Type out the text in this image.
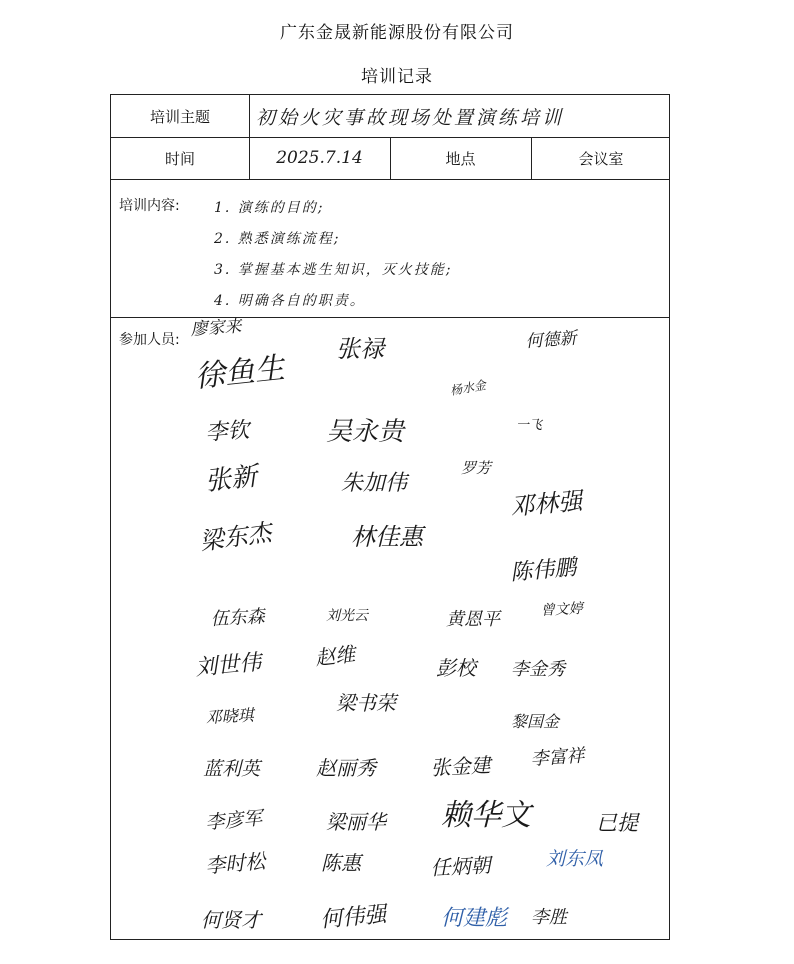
广东金晟新能源股份有限公司
培训记录
培训主题	初始火灾事故现场处置演练培训
时间	2025.7.14	地点	会议室
培训内容: 1. 演练的目的;
2. 熟悉演练流程;
3. 掌握基本逃生知识，灭火技能;
4. 明确各自的职责。
参加人员:
廖家来
张禄	何德新
徐鱼生	杨水金
李钦	吴永贵	一飞
张新	朱加伟
罗芳
邓林强
梁东杰	林佳惠
陈伟鹏
伍东森	刘光云	黄恩平	曾文婷
刘世伟	赵维	彭校 李金秀
邓晓琪
梁书荣
黎国金
蓝利英	赵丽秀	张金建 李富祥
李彦军	梁丽华 赖华文	已提
李时松	陈惠	任炳朝	刘东凤
何贤才	何伟强 何建彪 李胜
